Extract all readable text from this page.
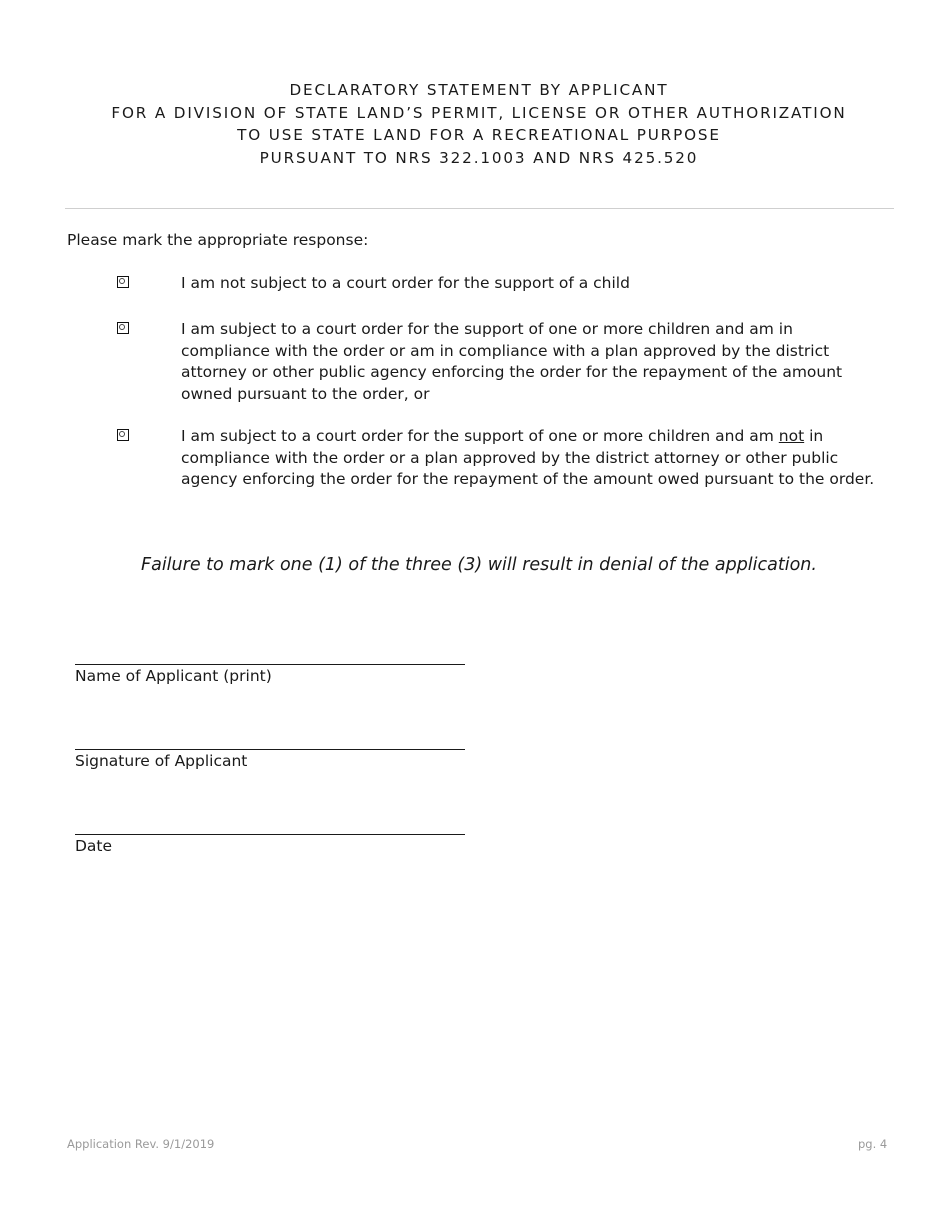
DECLARATORY STATEMENT BY APPLICANT
FOR A DIVISION OF STATE LAND’S PERMIT, LICENSE OR OTHER AUTHORIZATION
TO USE STATE LAND FOR A RECREATIONAL PURPOSE
PURSUANT TO NRS 322.1003 AND NRS 425.520
Please mark the appropriate response:
I am not subject to a court order for the support of a child
I am subject to a court order for the support of one or more children and am in compliance with the order or am in compliance with a plan approved by the district attorney or other public agency enforcing the order for the repayment of the amount owned pursuant to the order, or
I am subject to a court order for the support of one or more children and am not in compliance with the order or a plan approved by the district attorney or other public agency enforcing the order for the repayment of the amount owed pursuant to the order.
Failure to mark one (1) of the three (3) will result in denial of the application.
Name of Applicant (print)
Signature of Applicant
Date
Application Rev. 9/1/2019	pg. 4
